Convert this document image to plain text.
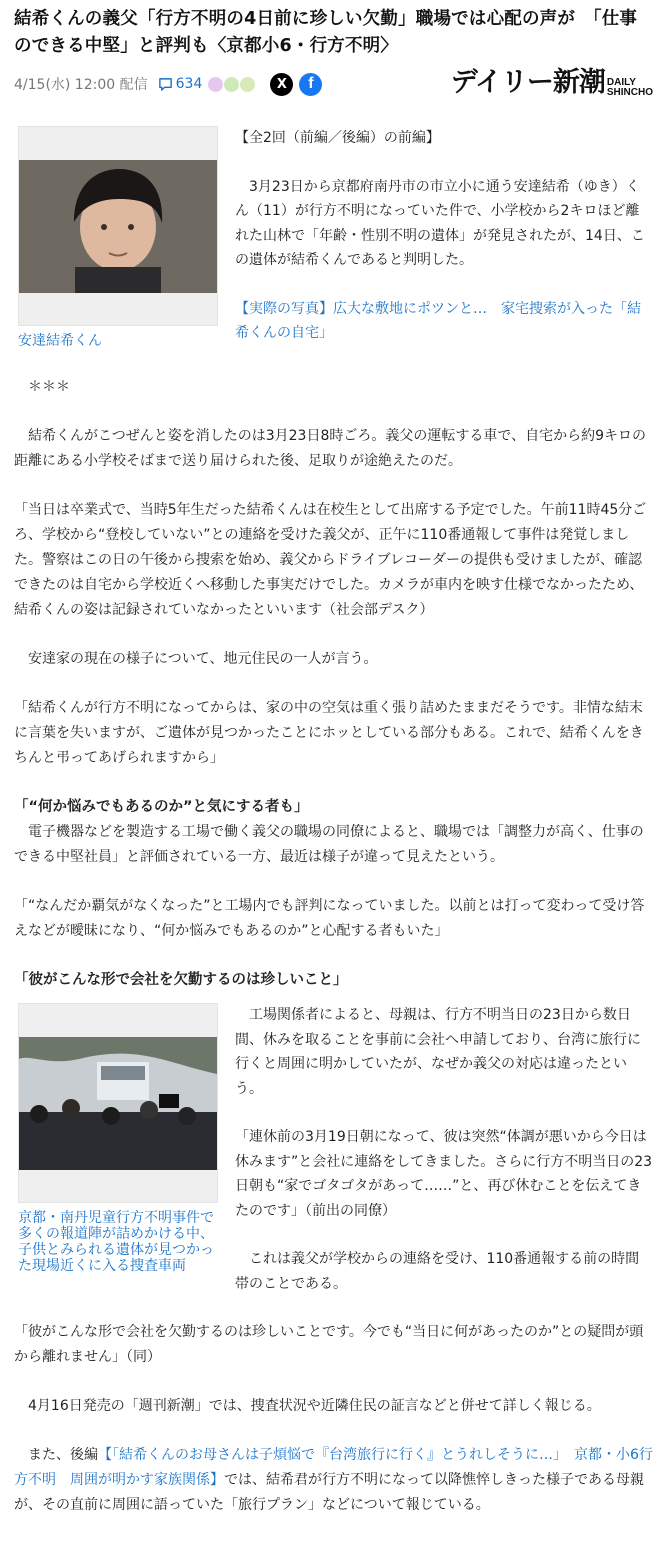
結希くんの義父「行方不明の4日前に珍しい欠勤」職場では心配の声が　「仕事のできる中堅」と評判も〈京都小6・行方不明〉
4/15(水) 12:00 配信 634	X	f	デイリー新潮 DAILY
SHINCHO
安達結希くん

【全2回（前編／後編）の前編】

　3月23日から京都府南丹市の市立小に通う安達結希（ゆき）くん（11）が行方不明になっていた件で、小学校から2キロほど離れた山林で「年齢・性別不明の遺体」が発見されたが、14日、この遺体が結希くんであると判明した。

【実際の写真】広大な敷地にポツンと…　家宅捜索が入った「結希くんの自宅」

　＊＊＊

　結希くんがこつぜんと姿を消したのは3月23日8時ごろ。義父の運転する車で、自宅から約9キロの距離にある小学校そばまで送り届けられた後、足取りが途絶えたのだ。

「当日は卒業式で、当時5年生だった結希くんは在校生として出席する予定でした。午前11時45分ごろ、学校から“登校していない”との連絡を受けた義父が、正午に110番通報して事件は発覚しました。警察はこの日の午後から捜索を始め、義父からドライブレコーダーの提供も受けましたが、確認できたのは自宅から学校近くへ移動した事実だけでした。カメラが車内を映す仕様でなかったため、結希くんの姿は記録されていなかったといいます（社会部デスク）

　安達家の現在の様子について、地元住民の一人が言う。

「結希くんが行方不明になってからは、家の中の空気は重く張り詰めたままだそうです。非情な結末に言葉を失いますが、ご遺体が見つかったことにホッとしている部分もある。これで、結希くんをきちんと弔ってあげられますから」

「“何か悩みでもあるのか”と気にする者も」

　電子機器などを製造する工場で働く義父の職場の同僚によると、職場では「調整力が高く、仕事のできる中堅社員」と評価されている一方、最近は様子が違って見えたという。

「“なんだか覇気がなくなった”と工場内でも評判になっていました。以前とは打って変わって受け答えなどが曖昧になり、“何か悩みでもあるのか”と心配する者もいた」

「彼がこんな形で会社を欠勤するのは珍しいこと」

京都・南丹児童行方不明事件で多くの報道陣が詰めかける中、子供とみられる遺体が見つかった現場近くに入る捜査車両

　工場関係者によると、母親は、行方不明当日の23日から数日間、休みを取ることを事前に会社へ申請しており、台湾に旅行に行くと周囲に明かしていたが、なぜか義父の対応は違ったという。

「連休前の3月19日朝になって、彼は突然“体調が悪いから今日は休みます”と会社に連絡をしてきました。さらに行方不明当日の23日朝も“家でゴタゴタがあって……”と、再び休むことを伝えてきたのです」（前出の同僚）

　これは義父が学校からの連絡を受け、110番通報する前の時間帯のことである。

「彼がこんな形で会社を欠勤するのは珍しいことです。今でも“当日に何があったのか”との疑問が頭から離れません」（同）

　4月16日発売の「週刊新潮」では、捜査状況や近隣住民の証言などと併せて詳しく報じる。

　また、後編【「結希くんのお母さんは子煩悩で『台湾旅行に行く』とうれしそうに…」　京都・小6行方不明　周囲が明かす家族関係】では、結希君が行方不明になって以降憔悴しきった様子である母親が、その直前に周囲に語っていた「旅行プラン」などについて報じている。
